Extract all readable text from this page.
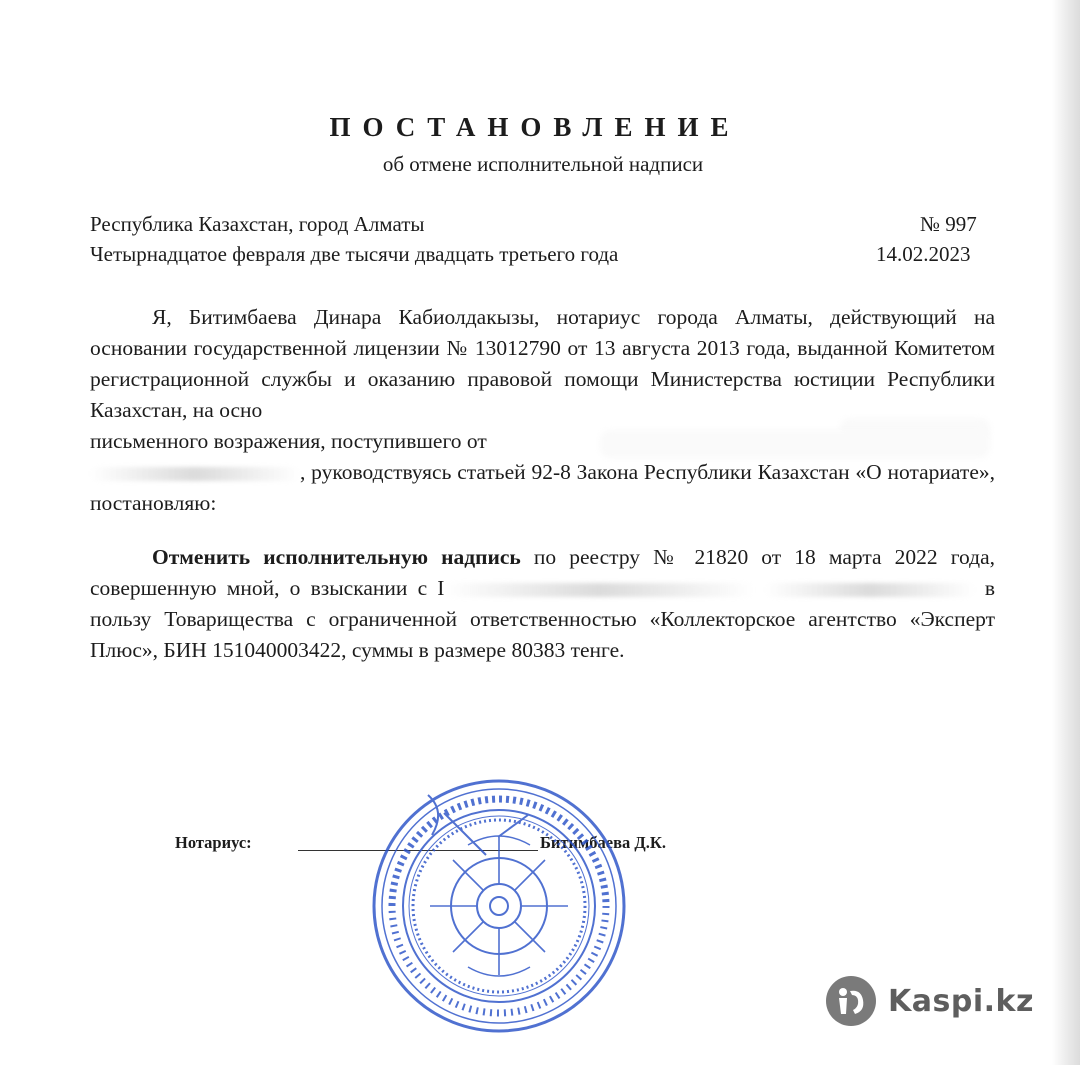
ПОСТАНОВЛЕНИЕ
об отмене исполнительной надписи
Республика Казахстан, город Алматы	№ 997
Четырнадцатое февраля две тысячи двадцать третьего года	14.02.2023

Я, Битимбаева Динара Кабиолдакызы, нотариус города Алматы, действующий на основании государственной лицензии № 13012790 от 13 августа 2013 года, выданной Комитетом регистрационной службы и оказанию правовой помощи Министерства юстиции Республики Казахстан, на осно

письменного возражения, поступившего от

, руководствуясь статьей 92-8 Закона Республики Казахстан «О нотариате», постановляю:

Отменить исполнительную надпись по реестру № 21820 от 18 марта 2022 года, совершенную мной, о взыскании с I	в пользу Товарищества с ограниченной ответственностью «Коллекторское агентство «Эксперт Плюс», БИН 151040003422, суммы в размере 80383 тенге.

Нотариус:	Битимбаева Д.К.
Kaspi.kz
